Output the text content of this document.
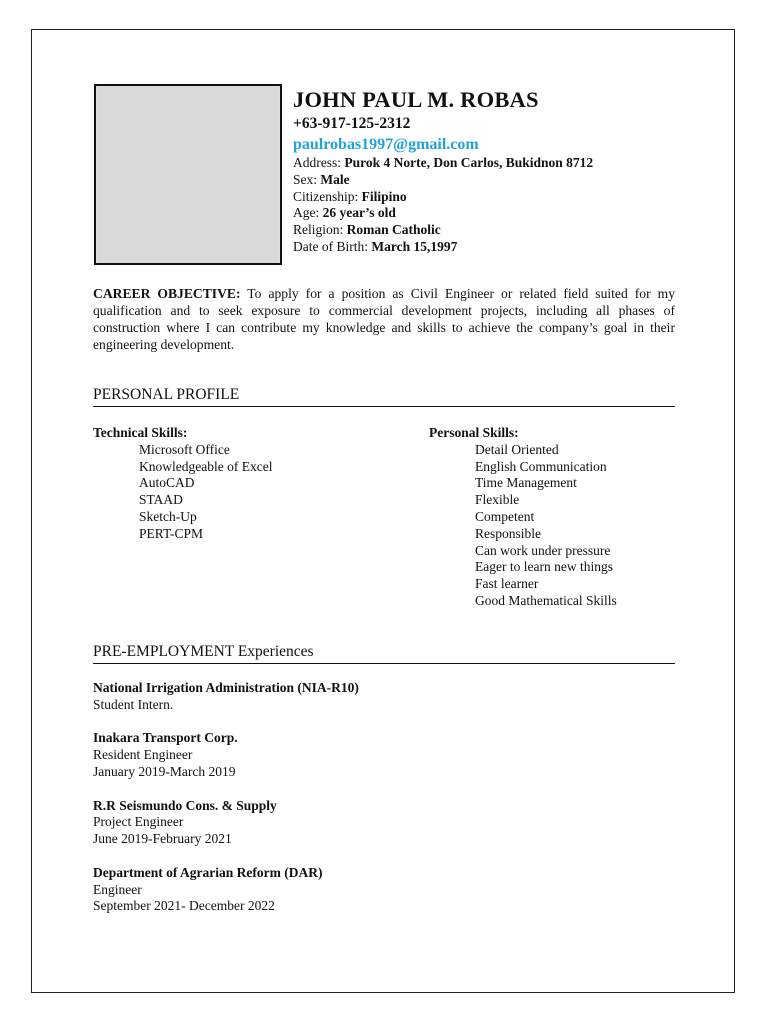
JOHN PAUL M. ROBAS
+63-917-125-2312
paulrobas1997@gmail.com
Address: Purok 4 Norte, Don Carlos, Bukidnon 8712
Sex: Male
Citizenship: Filipino
Age: 26 year’s old
Religion: Roman Catholic
Date of Birth: March 15,1997
CAREER OBJECTIVE: To apply for a position as Civil Engineer or related field suited for my qualification and to seek exposure to commercial development projects, including all phases of construction where I can contribute my knowledge and skills to achieve the company’s goal in their engineering development.
PERSONAL PROFILE
Technical Skills:
Microsoft Office
Knowledgeable of Excel
AutoCAD
STAAD
Sketch-Up
PERT-CPM
Personal Skills:
Detail Oriented
English Communication
Time Management
Flexible
Competent
Responsible
Can work under pressure
Eager to learn new things
Fast learner
Good Mathematical Skills
PRE-EMPLOYMENT Experiences
National Irrigation Administration (NIA-R10)
Student Intern.
Inakara Transport Corp.
Resident Engineer
January 2019-March 2019
R.R Seismundo Cons. & Supply
Project Engineer
June 2019-February 2021
Department of Agrarian Reform (DAR)
Engineer
September 2021- December 2022
